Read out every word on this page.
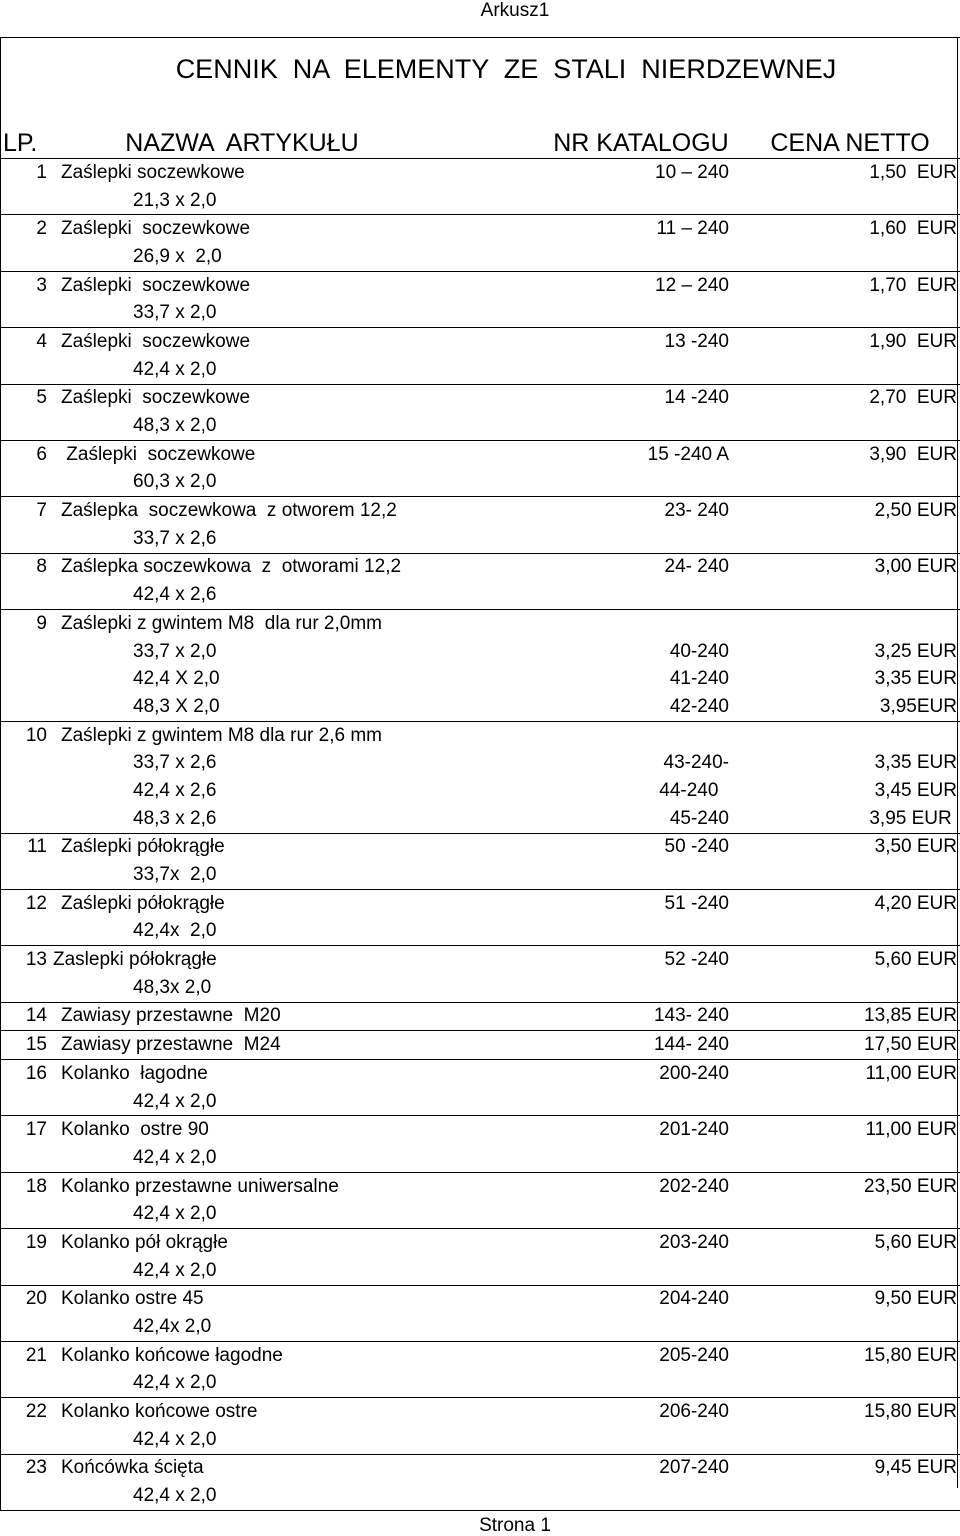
Arkusz1
CENNIK  NA  ELEMENTY  ZE  STALI  NIERDZEWNEJ
LP.	NAZWA  ARTYKUŁU	NR KATALOGU	CENA NETTO
1 Zaślepki soczewkowe	10 – 240	1,50  EUR
21,3 x 2,0
2 Zaślepki  soczewkowe	11 – 240	1,60  EUR
26,9 x  2,0
3 Zaślepki  soczewkowe	12 – 240	1,70  EUR
33,7 x 2,0
4 Zaślepki  soczewkowe	13 -240	1,90  EUR
42,4 x 2,0
5 Zaślepki  soczewkowe	14 -240	2,70  EUR
48,3 x 2,0
6 Zaślepki  soczewkowe	15 -240 A	3,90  EUR
60,3 x 2,0
7 Zaślepka  soczewkowa  z otworem 12,2	23- 240	2,50 EUR
33,7 x 2,6
8 Zaślepka soczewkowa  z  otworami 12,2	24- 240	3,00 EUR
42,4 x 2,6
9 Zaślepki z gwintem M8  dla rur 2,0mm
33,7 x 2,0	40-240	3,25 EUR
42,4 X 2,0	41-240	3,35 EUR
48,3 X 2,0	42-240	3,95EUR
10 Zaślepki z gwintem M8 dla rur 2,6 mm
33,7 x 2,6	43-240-	3,35 EUR
42,4 x 2,6	44-240	3,45 EUR
48,3 x 2,6	45-240	3,95 EUR
11 Zaślepki półokrągłe	50 -240	3,50 EUR
33,7x  2,0
12 Zaślepki półokrągłe	51 -240	4,20 EUR
42,4x  2,0
13 Zaslepki półokrągłe	52 -240	5,60 EUR
48,3x 2,0
14 Zawiasy przestawne  M20	143- 240	13,85 EUR
15 Zawiasy przestawne  M24	144- 240	17,50 EUR
16 Kolanko  łagodne	200-240	11,00 EUR
42,4 x 2,0
17 Kolanko  ostre 90	201-240	11,00 EUR
42,4 x 2,0
18 Kolanko przestawne uniwersalne	202-240	23,50 EUR
42,4 x 2,0
19 Kolanko pół okrągłe	203-240	5,60 EUR
42,4 x 2,0
20 Kolanko ostre 45	204-240	9,50 EUR
42,4x 2,0
21 Kolanko końcowe łagodne	205-240	15,80 EUR
42,4 x 2,0
22 Kolanko końcowe ostre	206-240	15,80 EUR
42,4 x 2,0
23 Końcówka ścięta	207-240	9,45 EUR
42,4 x 2,0
Strona 1
